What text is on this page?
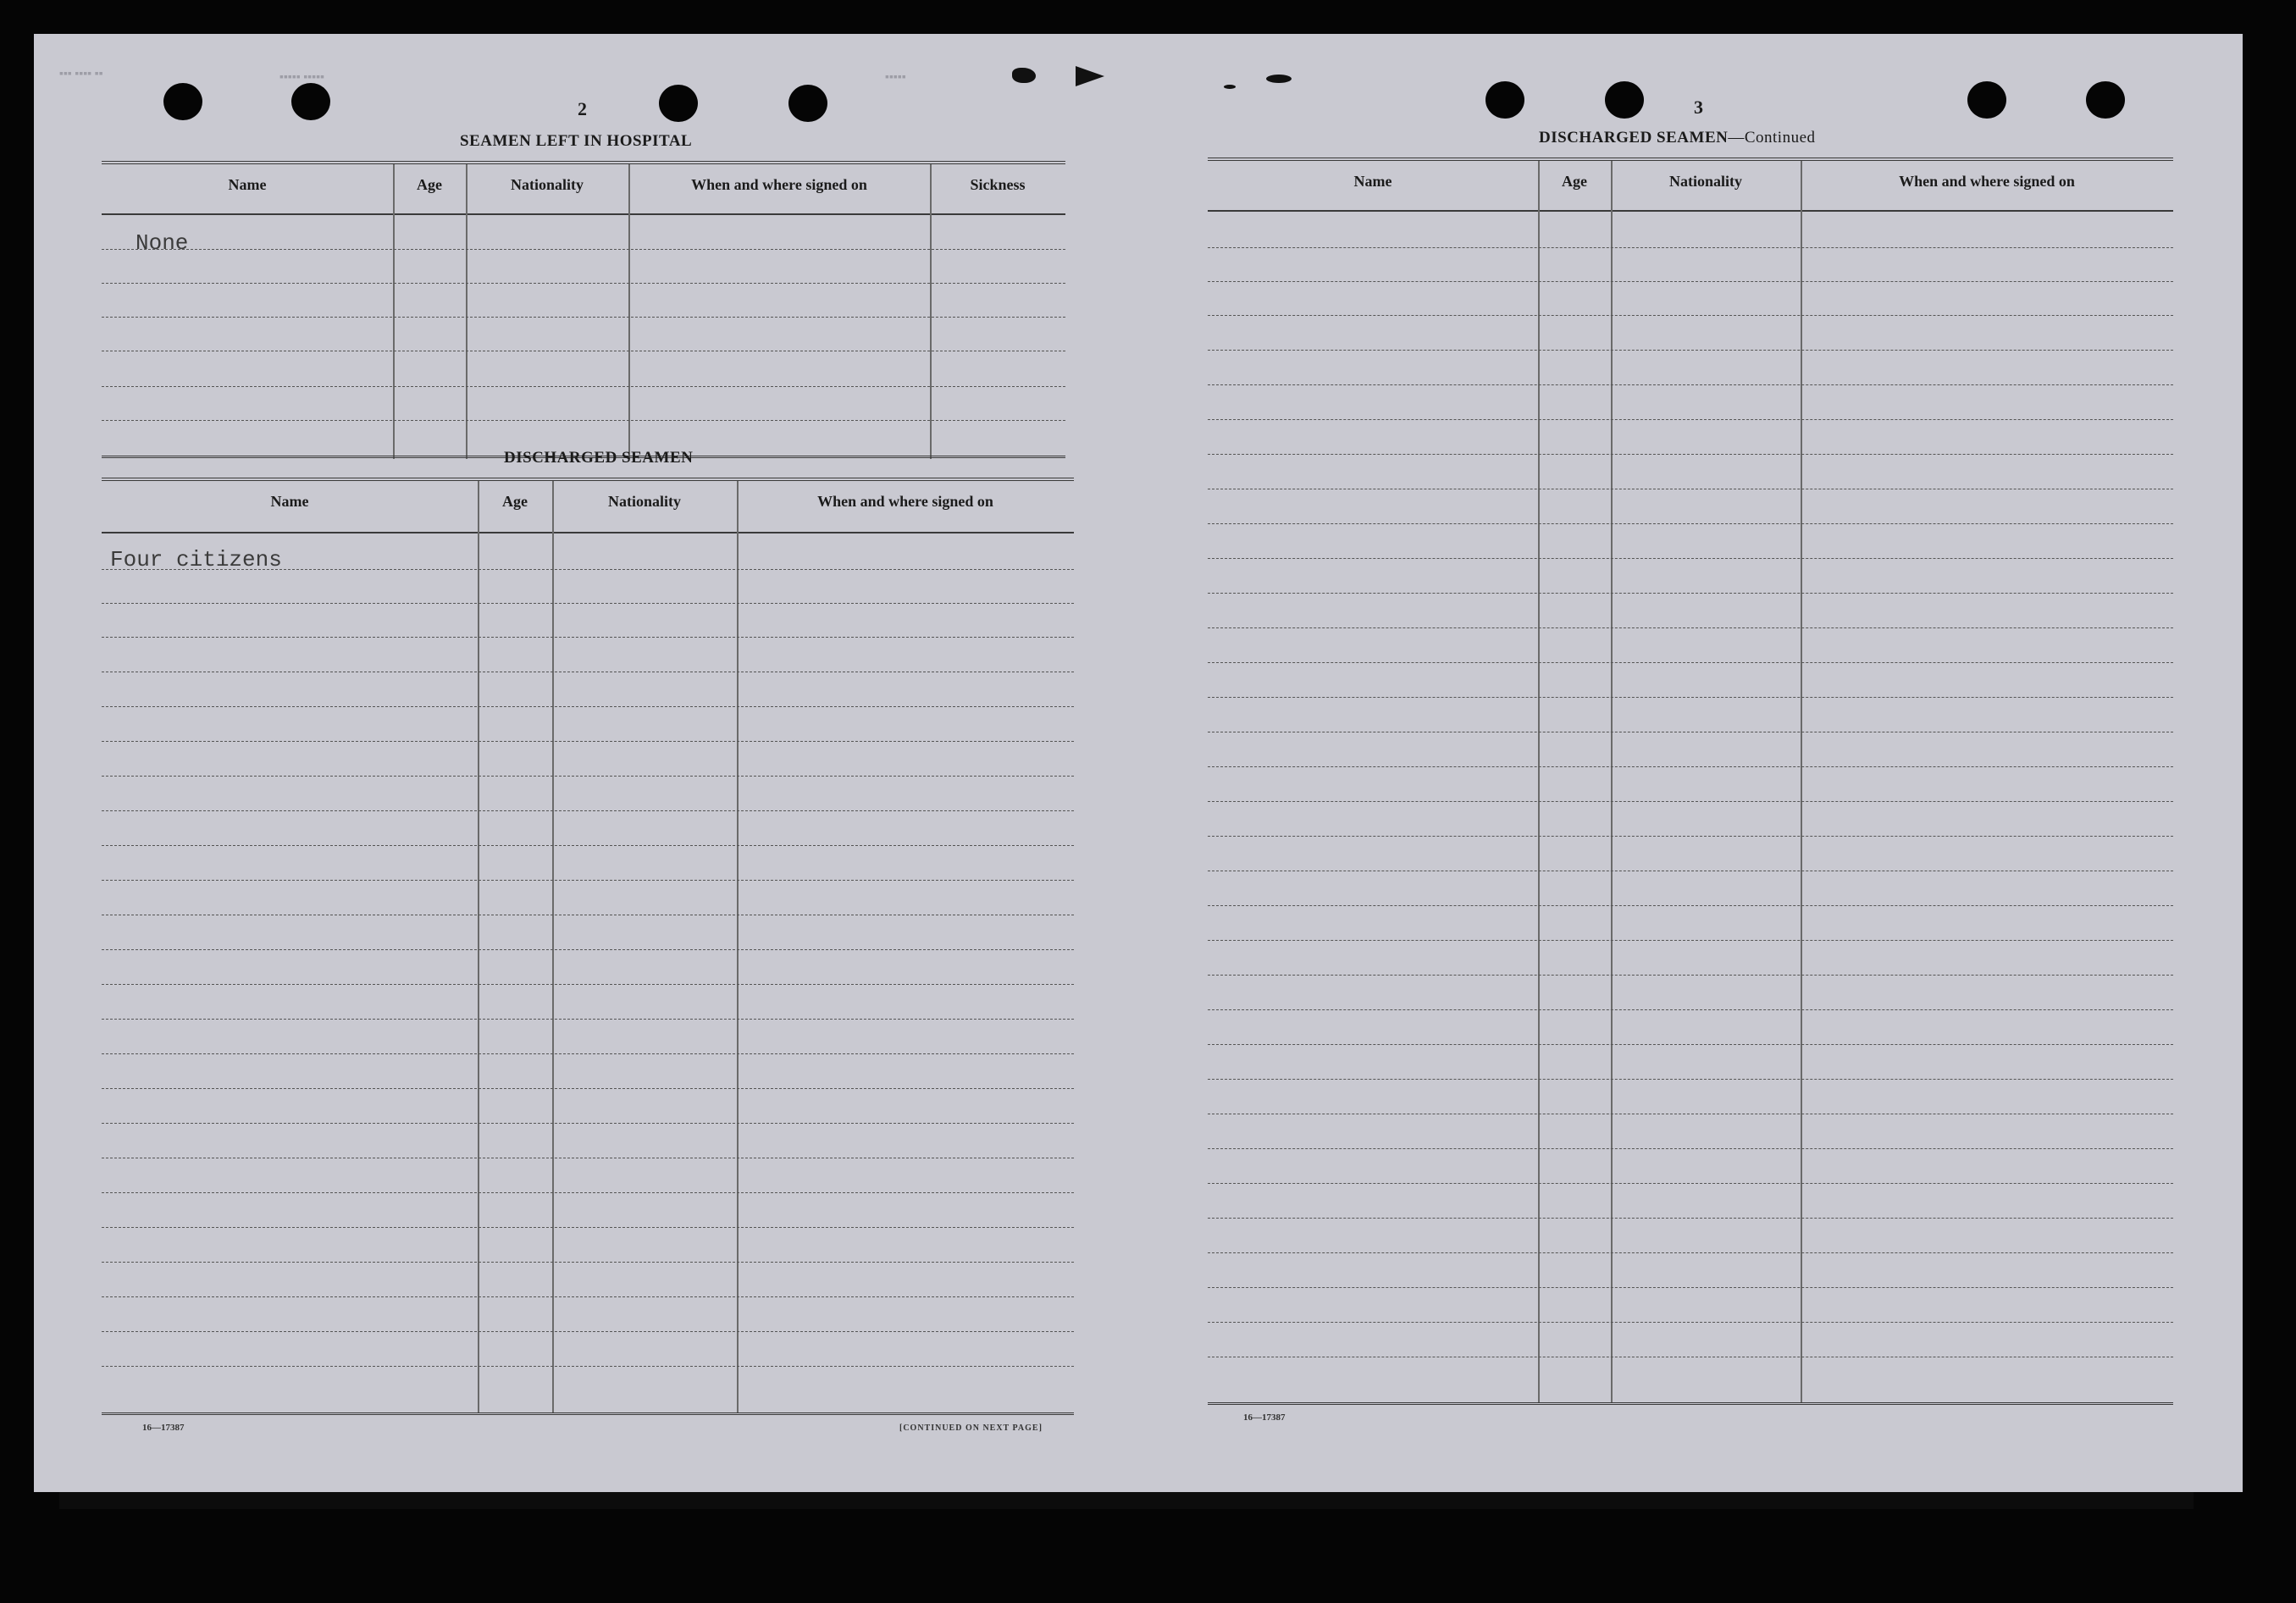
▪▪▪ ▪▪▪▪ ▪▪	▪▪▪▪▪ ▪▪▪▪▪	▪▪▪▪▪
2
SEAMEN LEFT IN HOSPITAL
Name	Age	Nationality	When and where signed on	Sickness
None
DISCHARGED SEAMEN
Name	Age	Nationality	When and where signed on
Four citizens
16—17387	[CONTINUED ON NEXT PAGE]
3
DISCHARGED SEAMEN—Continued
Name	Age	Nationality	When and where signed on
16—17387
